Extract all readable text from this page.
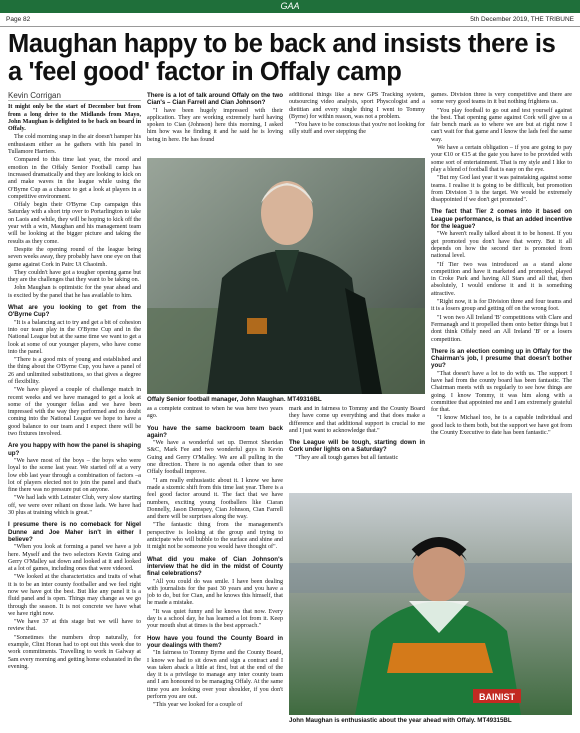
GAA
Page 82	5th December 2019, THE TRIBUNE
Maughan happy to be back and insists there is a 'feel good' factor in Offaly camp
Kevin Corrigan

It might only be the start of December but from from a long drive to the Midlands from Mayo, John Maughan is delighted to be back on board in Offaly.

The cold morning snap in the air doesn't hamper his enthusiasm either as he gathers with his panel in Tullamore Harriers.

Compared to this time last year, the mood and emotion in the Offaly Senior Football camp has increased dramatically and they are looking to kick on and make waves in the league while using the O'Byrne Cup as a chance to get a look at players in a competitive environment.

Offaly begin their O'Byrne Cup campaign this Saturday with a short trip over to Portarlington to take on Laois and while, they will be hoping to kick off the year with a win, Maughan and his management team will be looking at the bigger picture and taking the results as they come.

Despite the opening round of the league being seven weeks away, they probably have one eye on that game against Cork in Pairc Ui Chaoimh.

They couldn't have got a tougher opening game but they are the challenges that they want to be taking on.

John Maughan is optimistic for the year ahead and is excited by the panel that he has available to him.

What are you looking to get from the O'Byrne Cup?

"It is a balancing act to try and get a bit of cohesion into our team play in the O'Byrne Cup and in the National League but at the same time we want to get a look at some of our younger players, who have come into the panel.

"There is a good mix of young and established and the thing about the O'Byrne Cup, you have a panel of 26 and unlimited substitutions, so that gives a degree of flexibility.

"We have played a couple of challenge match in recent weeks and we have managed to get a look at some of the younger fellas and we have been impressed with the way they performed and no doubt coming into the National League we hope to have a good balance to our team and I expect there will be two fixtures involved.

Are you happy with how the panel is shaping up?

"We have most of the boys – the boys who were loyal to the scene last year. We started off at a very low ebb last year through a combination of factors –a lot of players elected not to join the panel and that's fine there was no pressure put on anyone.

"We had lads with Leinster Club, very slow starting off, we were over reliant on those lads. We have had 30 plus at training which is great."

I presume there is no comeback for Nigel Dunne and Joe Maher isn't in either I believe?

"When you look at forming a panel we have a job here. Myself and the two selectors Kevin Guing and Gerry O'Malley sat down and looked at it and looked at a lot of games, including ones that were videoed.

"We looked at the characteristics and traits of what it is to be an inter county footballer and we feel right now we have got the best. But like any panel it is a fluid panel and is open. Things may change as we go through the season. It is not concrete we have what we have right now.

"We have 37 at this stage but we will have to review that.

"Sometimes the numbers drop naturally, for example, Clint Horan had to opt out this week due to work commitments. Travelling to work in Galway at 5am every morning and getting home exhausted in the evening.

There is a lot of talk around Offaly on the two Cian's – Cian Farrell and Cian Johnson?

"I have been hugely impressed with their application. They are working extremely hard having spoken to Cian (Johnson) here this morning, I asked him how was he finding it and he said he is loving being in here. He has found

additional things like a new GPS Tracking system, outsourcing video analysis, sport Physcologist and a dietitian and every single thing I went to Tommy (Byrne) for within reason, was not a problem.

"You have to be conscious that you're not looking for silly stuff and over stepping the

Offaly Senior football manager, John Maughan. MT49316BL

as a complete contrast to when he was here two years ago.

You have the same backroom team back again?

"We have a wonderful set up. Dermot Sheridan S&C, Mark Fee and two wonderful guys in Kevin Guing and Gerry O'Malley. We are all pulling in the one direction. There is no agenda other than to see Offaly football improve.

"I am really enthusiastic about it. I know we have made a sizemic shift from this time last year. There is a feel good factor around it. The fact that we have numbers, exciting young footballers like Ciaran Donnelly, Jason Demspey, Cian Johnson, Cian Farrell and there will be surprises along the way.

"The fantastic thing from the management's perspective is looking at the group and trying to anticipate who will bubble to the surface and shine and it might not be someone you would have thought of".

What did you make of Cian Johnson's interview that he did in the midst of County final celebrations?

"All you could do was smile. I have been dealing with journalists for the past 30 years and you have a job to do, but for Cian, and he knows this himself, that he made a mistake.

"It was quiet funny and he knows that now. Every day is a school day, he has learned a lot from it. Keep your mouth shut at times is the best approach."

How have you found the County Board in your dealings with them?

"In fairness to Tommy Byrne and the County Board, I know we had to sit down and sign a contract and I was taken aback a little at first, but at the end of the day it is a privilege to manage any inter county team and I am honoured to be managing Offaly. At the same time you are looking over your shoulder, if you don't perform you are out.

"This year we looked for a couple of

mark and in fairness to Tommy and the County Board they have come up everything and that does make a difference and that additional support is crucial to me and I just want to acknowledge that."

The League will be tough, starting down in Cork under lights on a Saturday?

"They are all tough games but all fantastic

games. Division three is very competitive and there are some very good teams in it but nothing frightens us.

"You play football to go out and test yourself against the best. That opening game against Cork will give us a fair bench mark as to where we are but at right now I can't wait for that game and I know the lads feel the same way.

We have a certain obligation – if you are going to pay your €10 or €15 at the gate you have to be provided with some sort of entertainment. That is my style and I like to play a blend of football that is easy on the eye.

"But my God last year it was painstaking against some teams. I realise it is going to be difficult, but promotion from Division 3 is the target. We would be extremely disappointed if we don't get promoted".

The fact that Tier 2 comes into it based on League performance, is that an added incentive for the league?

"We haven't really talked about it to be honest. If you get promoted you don't have that worry. But it all depends on how the second tier is promoted from national level.

"If Tier two was introduced as a stand alone competition and have it marketed and promoted, played in Croke Park and having All Stars and all that, then absolutely, I would endorse it and it is something attractive.

"Right now, it is for Division three and four teams and it is a losers group and getting off on the wrong foot.

"I won two All Ireland 'B' competitions with Clare and Fermanagh and it propelled them onto better things but I dont think Offaly need an All Ireland 'B' or a losers competition.

There is an election coming up in Offaly for the Chairman's job, I presume that doesn't bother you?

"That doesn't have a lot to do with us. The support I have had from the county board has been fantastic. The Chairman meets with us regularly to see how things are going. I know Tommy, it was him along with a committee that appointed me and I am extremely grateful for that.

"I know Michael too, he is a capable individual and good luck to them both, but the support we have got from the County Executive to date has been fantastic."

BAINIST
John Maughan is enthusiastic about the year ahead with Offaly. MT49315BL
